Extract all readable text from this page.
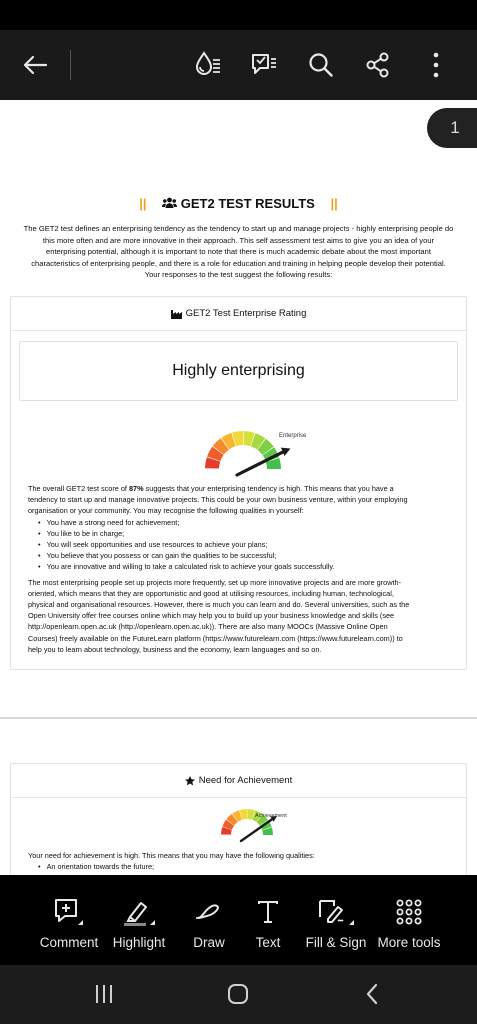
||	GET2 TEST RESULTS ||
The GET2 test defines an enterprising tendency as the tendency to start up and manage projects - highly enterprising people do
this more often and are more innovative in their approach. This self assessment test aims to give you an idea of your
enterprising potential, although it is important to note that there is much academic debate about the most important
characteristics of enterprising people, and there is a role for education and training in helping people develop their potential.
Your responses to the test suggest the following results:
GET2 Test Enterprise Rating
Highly enterprising
Enterprise
The overall GET2 test score of 87% suggests that your enterprising tendency is high. This means that you have a
tendency to start up and manage innovative projects. This could be your own business venture, within your employing
organisation or your community. You may recognise the following qualities in yourself:
• You have a strong need for achievement;
• You like to be in charge;
• You will seek opportunities and use resources to achieve your plans;
• You believe that you possess or can gain the qualities to be successful;
• You are innovative and willing to take a calculated risk to achieve your goals successfully.
The most enterprising people set up projects more frequently, set up more innovative projects and are more growth-
oriented, which means that they are opportunistic and good at utilising resources, including human, technological,
physical and organisational resources. However, there is much you can learn and do. Several universities, such as the
Open University offer free courses online which may help you to build up your business knowledge and skills (see
http://openlearn.open.ac.uk (http://openlearn.open.ac.uk)). There are also many MOOCs (Massive Online Open
Courses) freely available on the FutureLearn platform (https://www.futurelearn.com (https://www.futurelearn.com)) to
help you to learn about technology, business and the economy, learn languages and so on.
1
Need for Achievement
Achievement
Your need for achievement is high. This means that you may have the following qualities:
• An orientation towards the future;
Comment Highlight Draw Text Fill & Sign More tools
